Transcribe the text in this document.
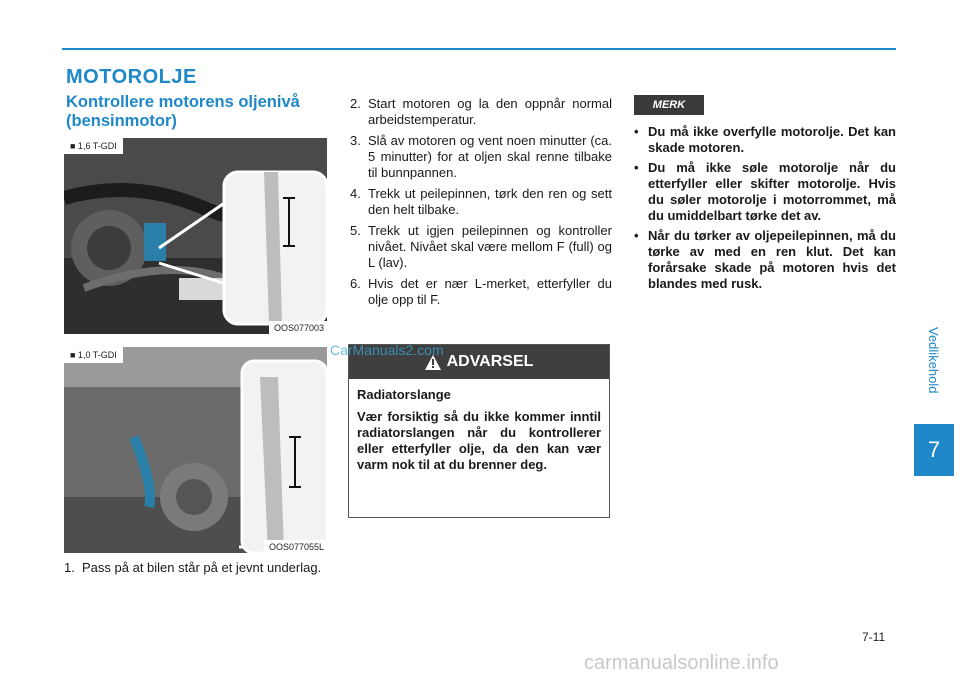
Vedlikehold
7
MOTOROLJE
Kontrollere motorens oljenivå (bensinmotor)
■ 1,6 T-GDI
OOS077003
■ 1,0 T-GDI
OOS077055L
1. Pass på at bilen står på et jevnt underlag.
2. Start motoren og la den oppnår normal arbeidstemperatur.
3. Slå av motoren og vent noen minutter (ca. 5 minutter) for at oljen skal renne tilbake til bunnpannen.
4. Trekk ut peilepinnen, tørk den ren og sett den helt tilbake.
5. Trekk ut igjen peilepinnen og kontroller nivået. Nivået skal være mellom F (full) og L (lav).
6. Hvis det er nær L-merket, etterfyller du olje opp til F.
ADVARSEL
Radiatorslange
Vær forsiktig så du ikke kommer inntil radiatorslangen når du kontrollerer eller etterfyller olje, da den kan vær varm nok til at du brenner deg.
CarManuals2.com
MERK
• Du må ikke overfylle motorolje. Det kan skade motoren.
• Du må ikke søle motorolje når du etterfyller eller skifter motorolje. Hvis du søler motorolje i motorrommet, må du umiddelbart tørke det av.
• Når du tørker av oljepeilepinnen, må du tørke av med en ren klut. Det kan forårsake skade på motoren hvis det blandes med rusk.
7-11
carmanualsonline.info
